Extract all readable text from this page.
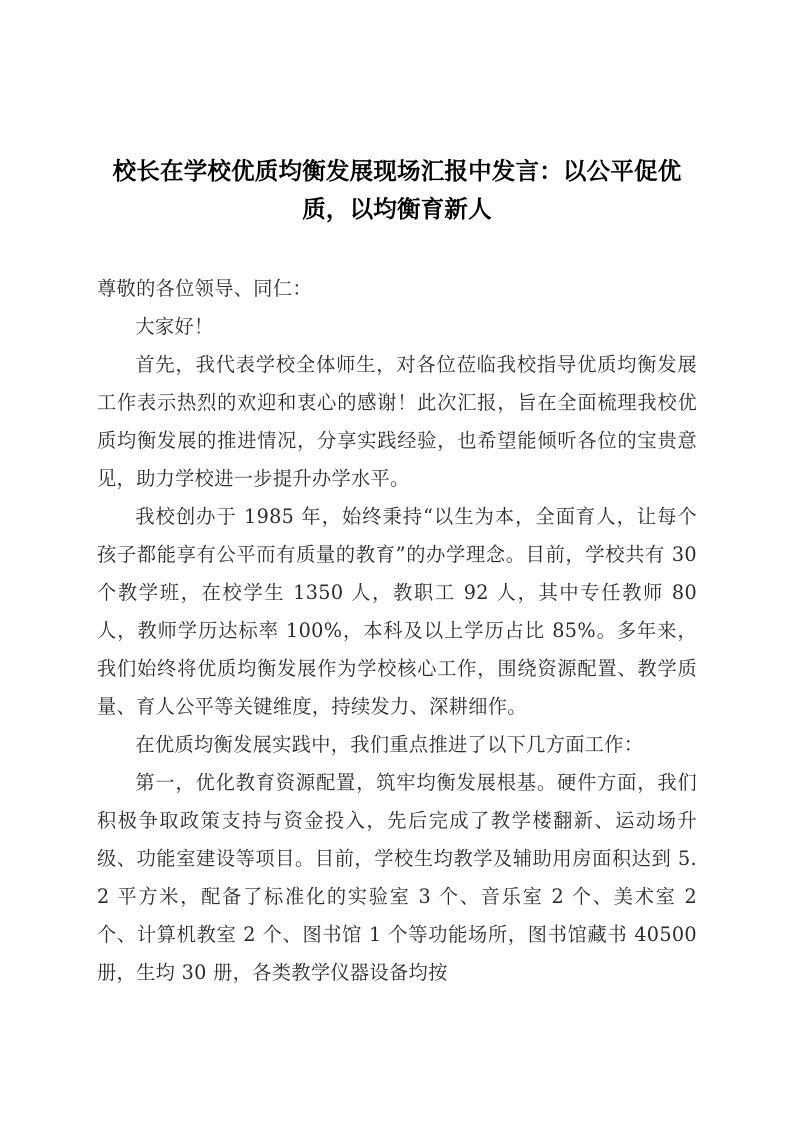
校长在学校优质均衡发展现场汇报中发言：以公平促优质，以均衡育新人

尊敬的各位领导、同仁：

大家好！

首先，我代表学校全体师生，对各位莅临我校指导优质均衡发展工作表示热烈的欢迎和衷心的感谢！此次汇报，旨在全面梳理我校优质均衡发展的推进情况，分享实践经验，也希望能倾听各位的宝贵意见，助力学校进一步提升办学水平。

我校创办于 1985 年，始终秉持“以生为本，全面育人，让每个孩子都能享有公平而有质量的教育”的办学理念。目前，学校共有 30 个教学班，在校学生 1350 人，教职工 92 人，其中专任教师 80 人，教师学历达标率 100%，本科及以上学历占比 85%。多年来，我们始终将优质均衡发展作为学校核心工作，围绕资源配置、教学质量、育人公平等关键维度，持续发力、深耕细作。

在优质均衡发展实践中，我们重点推进了以下几方面工作：

第一，优化教育资源配置，筑牢均衡发展根基。硬件方面，我们积极争取政策支持与资金投入，先后完成了教学楼翻新、运动场升级、功能室建设等项目。目前，学校生均教学及辅助用房面积达到 5.2 平方米，配备了标准化的实验室 3 个、音乐室 2 个、美术室 2 个、计算机教室 2 个、图书馆 1 个等功能场所，图书馆藏书 40500 册，生均 30 册，各类教学仪器设备均按
